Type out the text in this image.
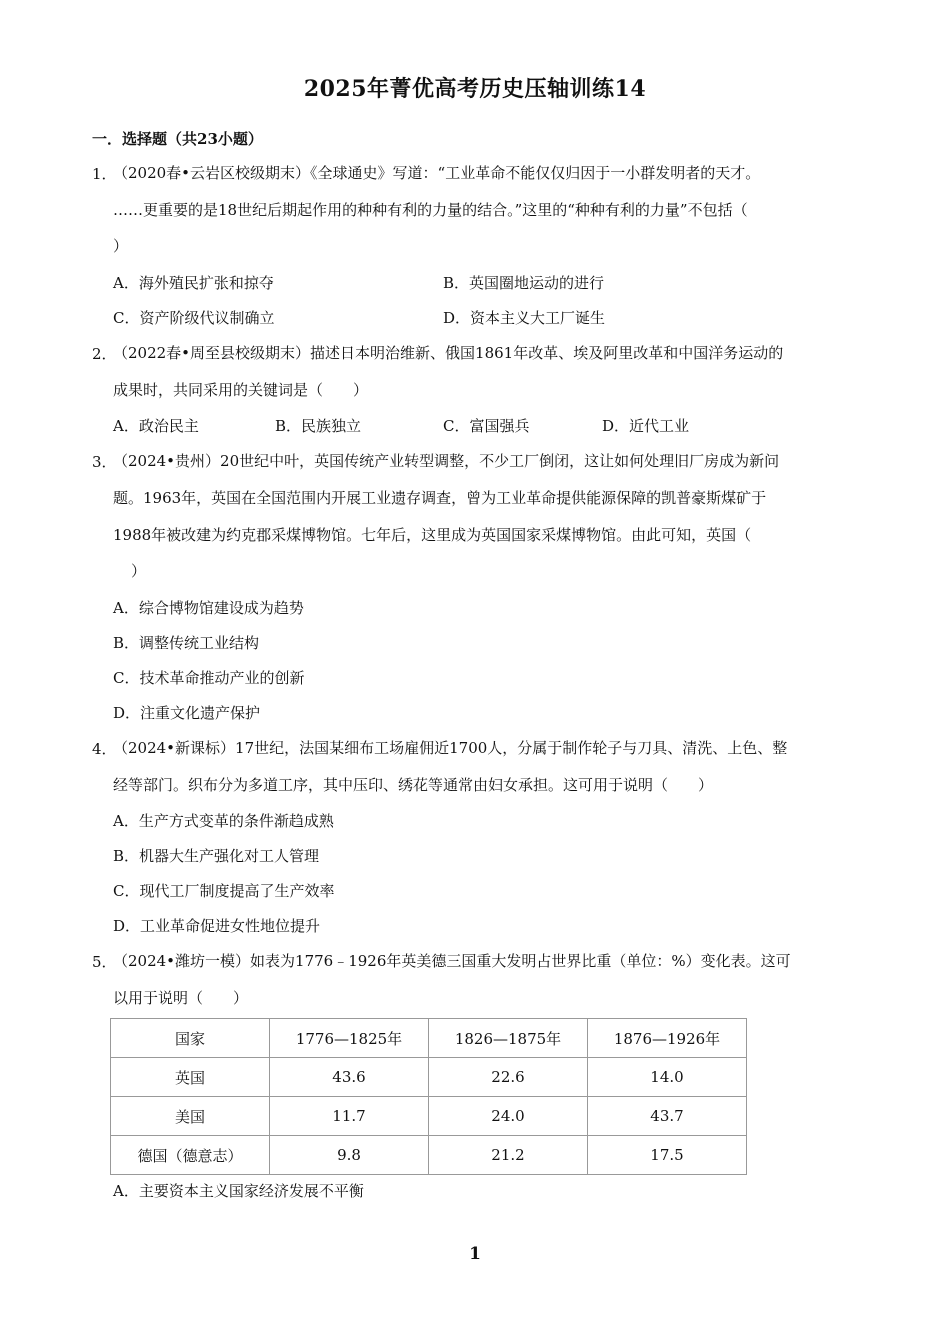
2025年菁优高考历史压轴训练14
一．选择题（共23小题）
1．
（2020春•云岩区校级期末）《全球通史》写道：“工业革命不能仅仅归因于一小群发明者的天才。
……更重要的是18世纪后期起作用的种种有利的力量的结合。”这里的“种种有利的力量”不包括（
）
A．海外殖民扩张和掠夺	B．英国圈地运动的进行
C．资产阶级代议制确立	D．资本主义大工厂诞生
2．
（2022春•周至县校级期末）描述日本明治维新、俄国1861年改革、埃及阿里改革和中国洋务运动的
成果时，共同采用的关键词是（　　）
A．政治民主	B．民族独立	C．富国强兵	D．近代工业
3．
（2024•贵州）20世纪中叶，英国传统产业转型调整，不少工厂倒闭，这让如何处理旧厂房成为新问
题。1963年，英国在全国范围内开展工业遗存调查，曾为工业革命提供能源保障的凯普豪斯煤矿于
1988年被改建为约克郡采煤博物馆。七年后，这里成为英国国家采煤博物馆。由此可知，英国（
）
A．综合博物馆建设成为趋势
B．调整传统工业结构
C．技术革命推动产业的创新
D．注重文化遗产保护
4．
（2024•新课标）17世纪，法国某细布工场雇佣近1700人，分属于制作轮子与刀具、清洗、上色、整
经等部门。织布分为多道工序，其中压印、绣花等通常由妇女承担。这可用于说明（　　）
A．生产方式变革的条件渐趋成熟
B．机器大生产强化对工人管理
C．现代工厂制度提高了生产效率
D．工业革命促进女性地位提升
5．
（2024•潍坊一模）如表为1776﹣1926年英美德三国重大发明占世界比重（单位：%）变化表。这可
以用于说明（　　）
国家	1776—1825年	1826—1875年	1876—1926年
英国	43.6	22.6	14.0
美国	11.7	24.0	43.7
德国（德意志）	9.8	21.2	17.5
A．主要资本主义国家经济发展不平衡
1
